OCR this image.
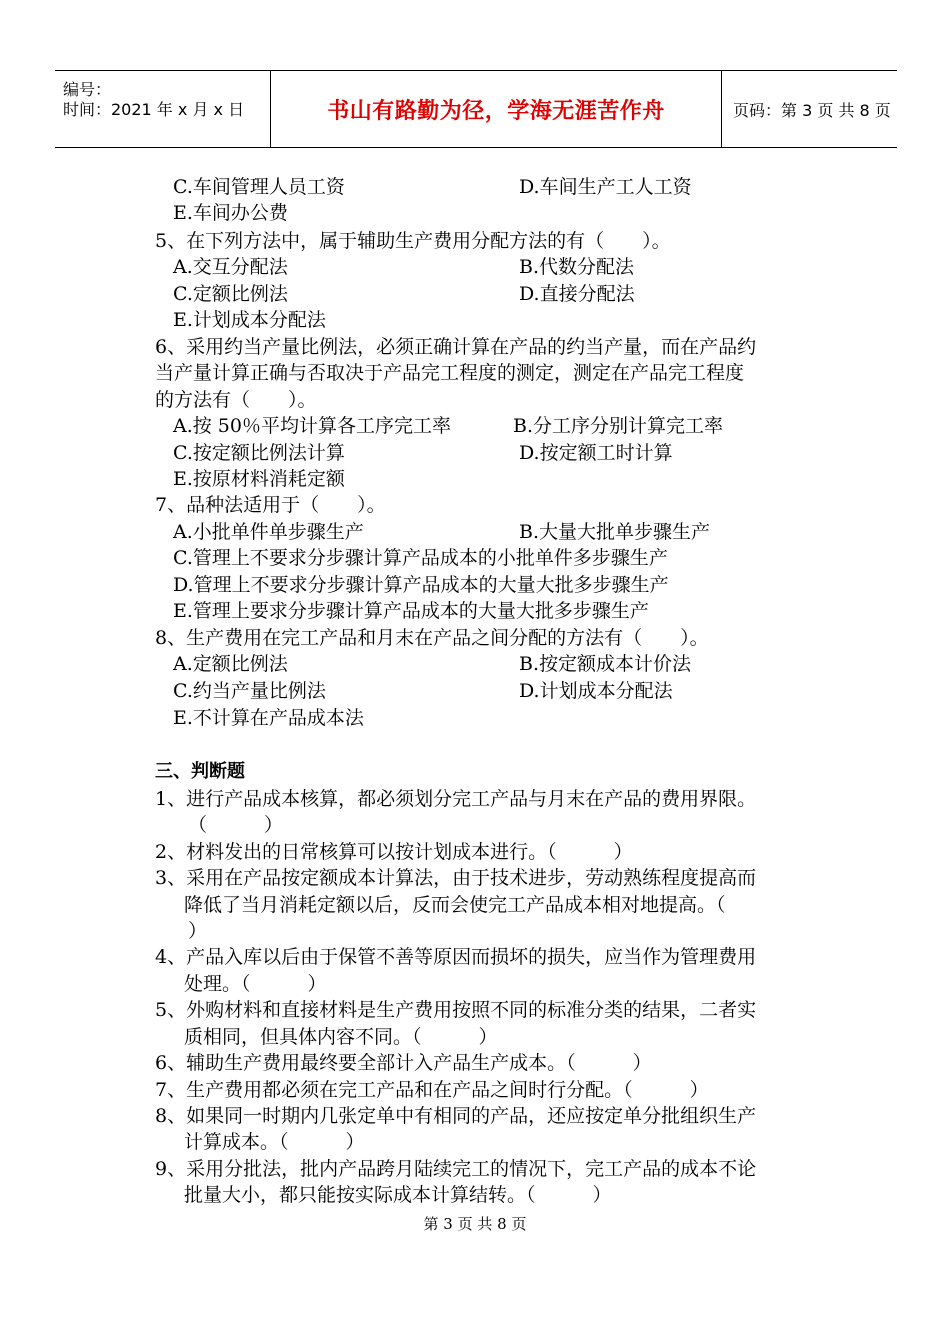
编号：
时间：2021 年 x 月 x 日	书山有路勤为径，学海无涯苦作舟	页码：第 3 页 共 8 页
C.车间管理人员工资	D.车间生产工人工资
E.车间办公费
5、在下列方法中，属于辅助生产费用分配方法的有（　　）。
A.交互分配法	B.代数分配法
C.定额比例法	D.直接分配法
E.计划成本分配法
6、采用约当产量比例法，必须正确计算在产品的约当产量，而在产品约
当产量计算正确与否取决于产品完工程度的测定，测定在产品完工程度
的方法有（　　）。
A.按 50％平均计算各工序完工率	B.分工序分别计算完工率
C.按定额比例法计算	D.按定额工时计算
E.按原材料消耗定额
7、品种法适用于（　　）。
A.小批单件单步骤生产	B.大量大批单步骤生产
C.管理上不要求分步骤计算产品成本的小批单件多步骤生产
D.管理上不要求分步骤计算产品成本的大量大批多步骤生产
E.管理上要求分步骤计算产品成本的大量大批多步骤生产
8、生产费用在完工产品和月末在产品之间分配的方法有（　　）。
A.定额比例法	B.按定额成本计价法
C.约当产量比例法	D.计划成本分配法
E.不计算在产品成本法
三、判断题
1、进行产品成本核算，都必须划分完工产品与月末在产品的费用界限。
（　　　）
2、材料发出的日常核算可以按计划成本进行。（　　　）
3、采用在产品按定额成本计算法，由于技术进步，劳动熟练程度提高而
降低了当月消耗定额以后，反而会使完工产品成本相对地提高。（
）
4、产品入库以后由于保管不善等原因而损坏的损失，应当作为管理费用
处理。（　　　）
5、外购材料和直接材料是生产费用按照不同的标准分类的结果，二者实
质相同，但具体内容不同。（　　　）
6、辅助生产费用最终要全部计入产品生产成本。（　　　）
7、生产费用都必须在完工产品和在产品之间时行分配。（　　　）
8、如果同一时期内几张定单中有相同的产品，还应按定单分批组织生产
计算成本。（　　　）
9、采用分批法，批内产品跨月陆续完工的情况下，完工产品的成本不论
批量大小，都只能按实际成本计算结转。（　　　）
第 3 页 共 8 页
